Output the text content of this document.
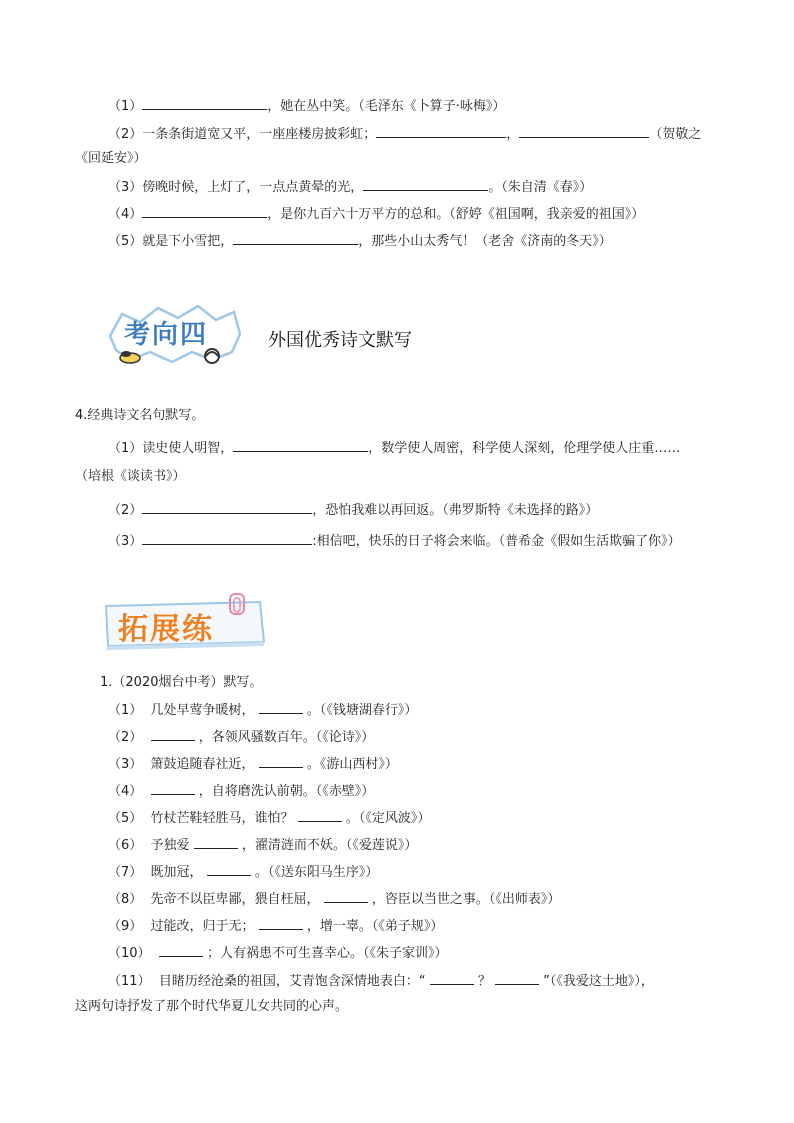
（1）	，她在丛中笑。（毛泽东《卜算子·咏梅》）
（2）一条条街道宽又平，一座座楼房披彩虹；	，	（贺敬之
《回延安》）
（3）傍晚时候，上灯了，一点点黄晕的光，	。（朱自清《春》）
（4）	，是你九百六十万平方的总和。（舒婷《祖国啊，我亲爱的祖国》）
（5）就是下小雪把，	，那些小山太秀气！（老舍《济南的冬天》）
考向四	外国优秀诗文默写
4.经典诗文名句默写。
（1）读史使人明智，	，数学使人周密，科学使人深刻，伦理学使人庄重……
（培根《谈读书》）
（2）	，恐怕我难以再回返。（弗罗斯特《未选择的路》）
（3）	:相信吧，快乐的日子将会来临。（普希金《假如生活欺骗了你》）
拓展练
1.（2020烟台中考）默写。
（1） 几处早莺争暖树，	。（《钱塘湖春行》）
（2）	，各领风骚数百年。（《论诗》）
（3） 箫鼓追随春社近，	。《游山西村》）
（4）	，自将磨洗认前朝。（《赤壁》）
（5） 竹杖芒鞋轻胜马，谁怕？	。（《定风波》）
（6） 予独爱	，濯清涟而不妖。（《爱莲说》）
（7） 既加冠，	。（《送东阳马生序》）
（8） 先帝不以臣卑鄙，猥自枉屈，	，咨臣以当世之事。（《出师表》）
（9） 过能改，归于无；	，增一辜。（《弟子规》）
（10）	；人有祸患不可生喜幸心。（《朱子家训》）
（11） 目睹历经沧桑的祖国，艾青饱含深情地表白：“	？	”（《我爱这土地》），
这两句诗抒发了那个时代华夏儿女共同的心声。
